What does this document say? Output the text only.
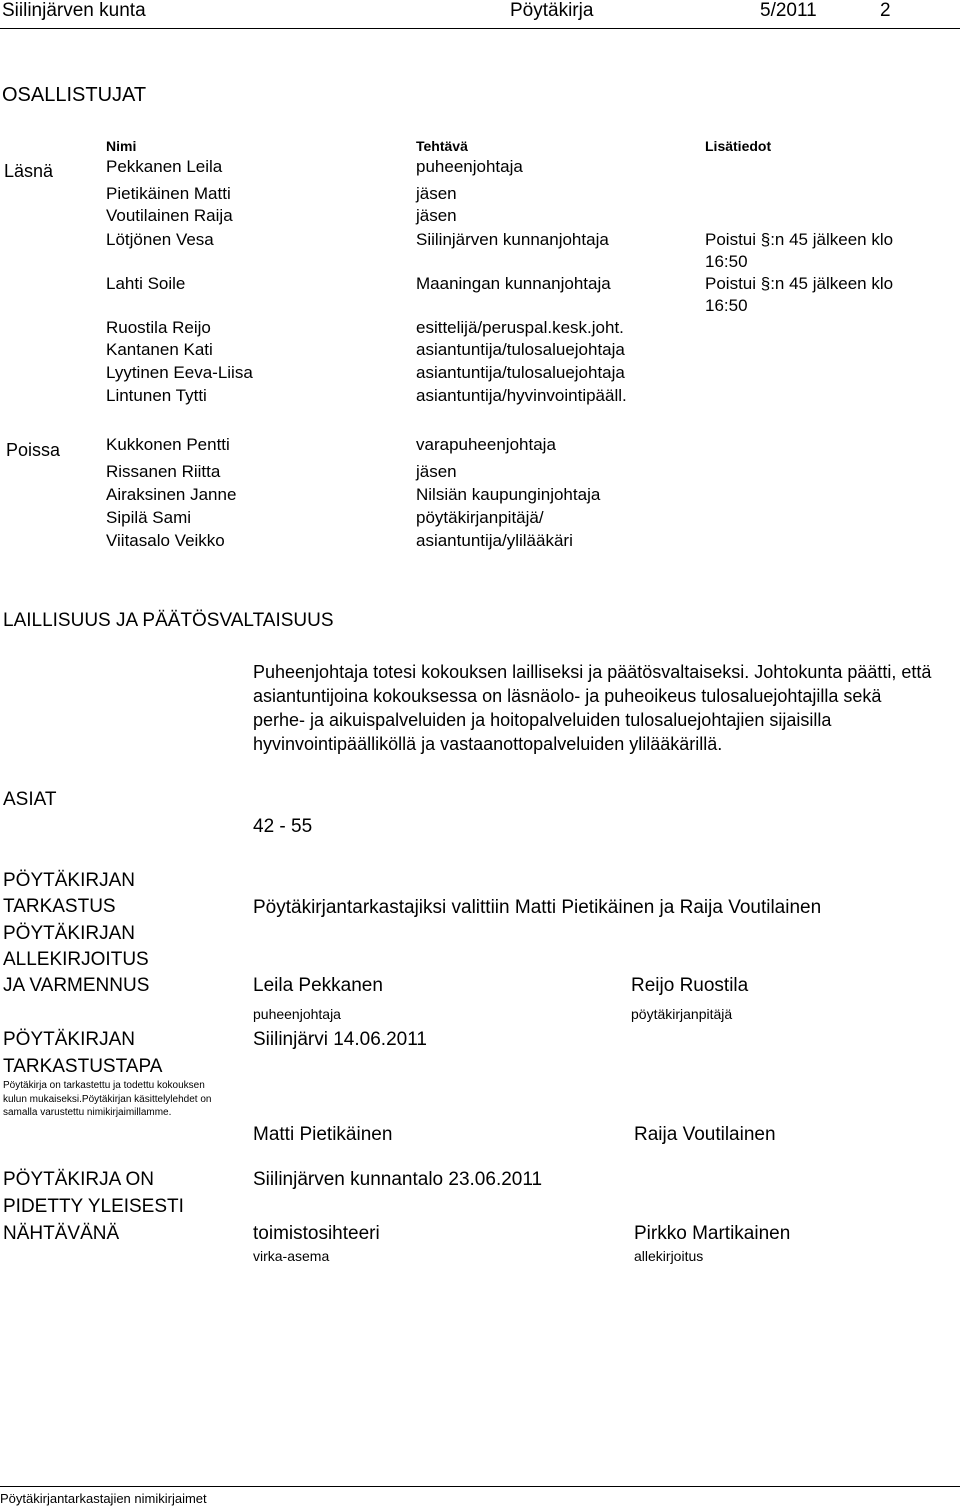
Siilinjärven kunta	Pöytäkirja	5/2011	2
OSALLISTUJAT
Nimi	Tehtävä	Lisätiedot
Läsnä	Pekkanen Leila	puheenjohtaja
Pietikäinen Matti	jäsen
Voutilainen Raija	jäsen
Lötjönen Vesa	Siilinjärven kunnanjohtaja	Poistui §:n 45 jälkeen klo
16:50
Lahti Soile	Maaningan kunnanjohtaja	Poistui §:n 45 jälkeen klo
16:50
Ruostila Reijo	esittelijä/peruspal.kesk.joht.
Kantanen Kati	asiantuntija/tulosaluejohtaja
Lyytinen Eeva-Liisa	asiantuntija/tulosaluejohtaja
Lintunen Tytti	asiantuntija/hyvinvointipääll.
Poissa	Kukkonen Pentti	varapuheenjohtaja
Rissanen Riitta	jäsen
Airaksinen Janne	Nilsiän kaupunginjohtaja
Sipilä Sami	pöytäkirjanpitäjä/
Viitasalo Veikko	asiantuntija/ylilääkäri
LAILLISUUS JA PÄÄTÖSVALTAISUUS
Puheenjohtaja totesi kokouksen lailliseksi ja päätösvaltaiseksi. Johtokunta päätti, että asiantuntijoina kokouksessa on läsnäolo- ja puheoikeus tulosaluejohtajilla sekä perhe- ja aikuispalveluiden ja hoitopalveluiden tulosaluejohtajien sijaisilla hyvinvointipäälliköllä ja vastaanottopalveluiden ylilääkärillä.
ASIAT
42 - 55
PÖYTÄKIRJAN
TARKASTUS	Pöytäkirjantarkastajiksi valittiin Matti Pietikäinen ja Raija Voutilainen
PÖYTÄKIRJAN
ALLEKIRJOITUS
JA VARMENNUS	Leila Pekkanen	Reijo Ruostila
puheenjohtaja	pöytäkirjanpitäjä
PÖYTÄKIRJAN
TARKASTUSTAPA
Siilinjärvi 14.06.2011
Pöytäkirja on tarkastettu ja todettu kokouksen
kulun mukaiseksi.Pöytäkirjan käsittelylehdet on
samalla varustettu nimikirjaimillamme.
Matti Pietikäinen	Raija Voutilainen
PÖYTÄKIRJA ON
PIDETTY YLEISESTI
NÄHTÄVÄNÄ
Siilinjärven kunnantalo 23.06.2011
toimistosihteeri	Pirkko Martikainen
virka-asema	allekirjoitus
Pöytäkirjantarkastajien nimikirjaimet
